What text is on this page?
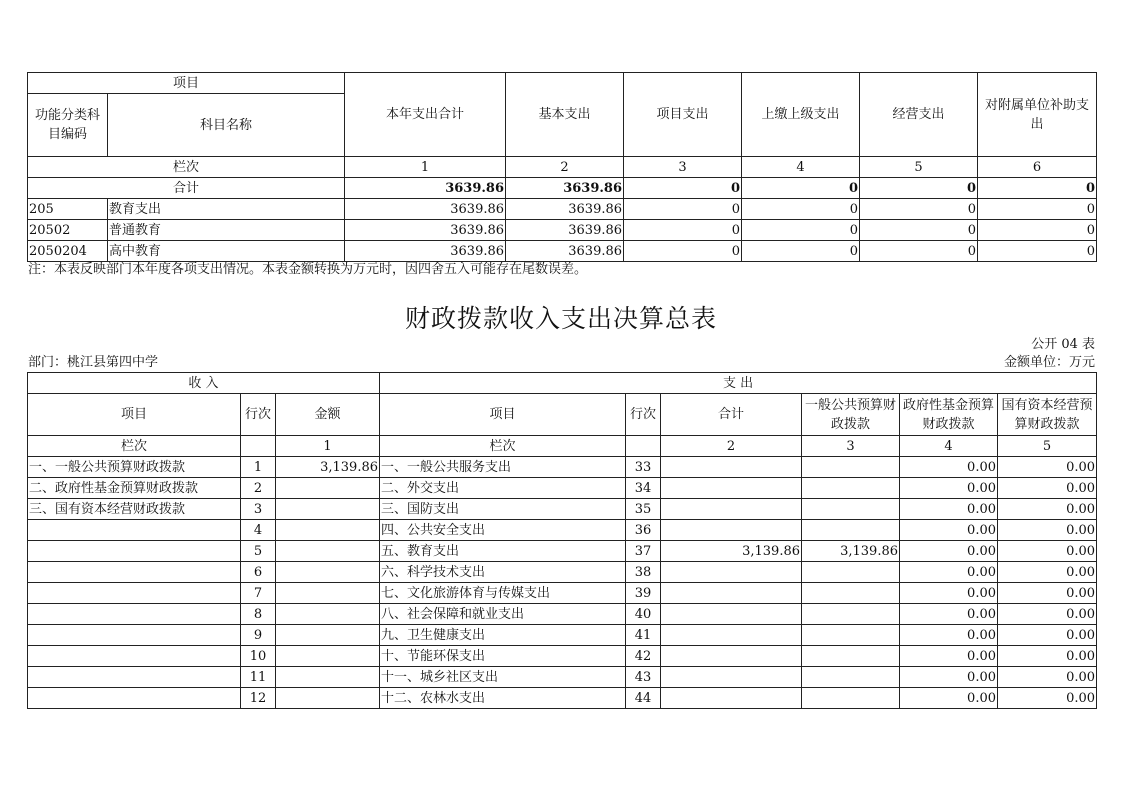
项目		本年支出合计	基本支出	项目支出	上缴上级支出	经营支出	对附属单位补助支出
功能分类科目编码	科目名称						
栏次		1	2	3	4	5	6
合计		3639.86	3639.86	0	0	0	0
205	教育支出	3639.86	3639.86	0	0	0	0
20502	普通教育	3639.86	3639.86	0	0	0	0
2050204	高中教育	3639.86	3639.86	0	0	0	0
注：本表反映部门本年度各项支出情况。本表金额转换为万元时，因四舍五入可能存在尾数误差。
财政拨款收入支出决算总表
公开 04 表
部门：桃江县第四中学	金额单位：万元
收 入			支 出					
项目	行次	金额	项目	行次	合计	一般公共预算财政拨款	政府性基金预算财政拨款	国有资本经营预算财政拨款
栏次		1	栏次		2	3	4	5
一、一般公共预算财政拨款	1	3,139.86	一、一般公共服务支出	33			0.00	0.00
二、政府性基金预算财政拨款	2		二、外交支出	34			0.00	0.00
三、国有资本经营财政拨款	3		三、国防支出	35			0.00	0.00
	4		四、公共安全支出	36			0.00	0.00
	5		五、教育支出	37	3,139.86	3,139.86	0.00	0.00
	6		六、科学技术支出	38			0.00	0.00
	7		七、文化旅游体育与传媒支出	39			0.00	0.00
	8		八、社会保障和就业支出	40			0.00	0.00
	9		九、卫生健康支出	41			0.00	0.00
	10		十、节能环保支出	42			0.00	0.00
	11		十一、城乡社区支出	43			0.00	0.00
	12		十二、农林水支出	44			0.00	0.00
